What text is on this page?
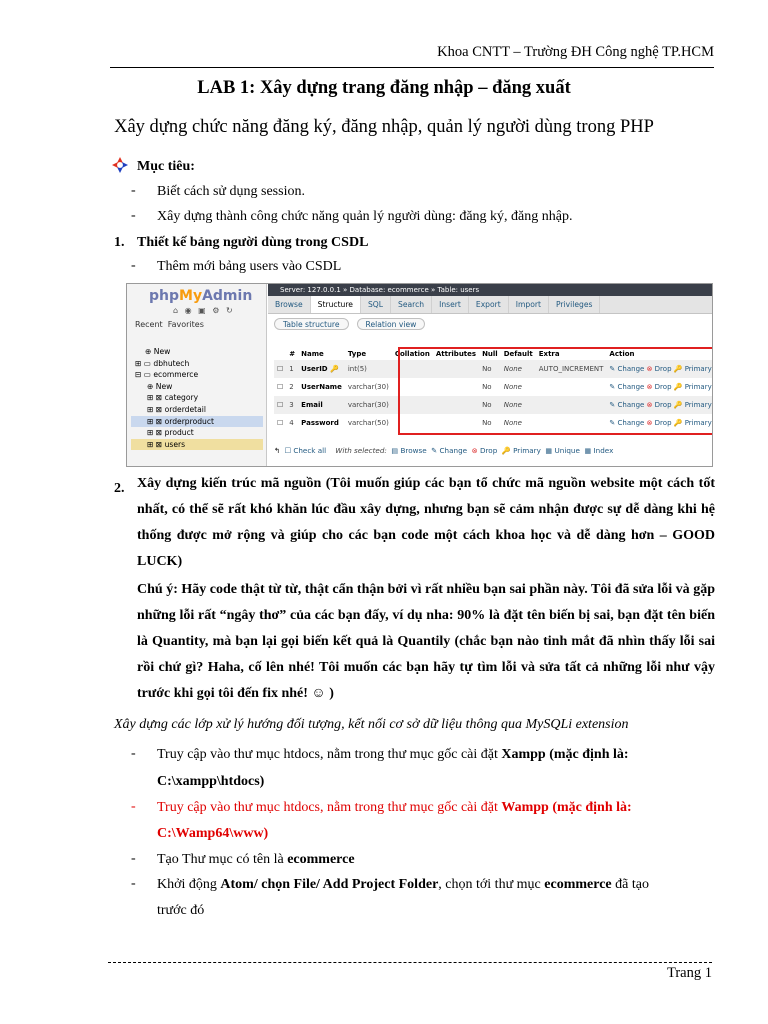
Khoa CNTT – Trường ĐH Công nghệ TP.HCM
LAB 1: Xây dựng trang đăng nhập – đăng xuất
Xây dựng chức năng đăng ký, đăng nhập, quản lý người dùng trong PHP
Mục tiêu:
- Biết cách sử dụng session.
- Xây dựng thành công chức năng quản lý người dùng: đăng ký, đăng nhập.
1. Thiết kế bảng người dùng trong CSDL
- Thêm mới bảng users vào CSDL
phpMyAdmin
⌂ ◉ ▣ ⚙ ↻
Recent Favorites
⊕ New
⊞ ▭ dbhutech
⊟ ▭ ecommerce
⊕ New
⊞ ⊠ category
⊞ ⊠ orderdetail
⊞ ⊠ orderproduct
⊞ ⊠ product
⊞ ⊠ users
Server: 127.0.0.1 » Database: ecommerce » Table: users
Browse	Structure	SQL	Search	Insert	Export	Import	Privileges
Table structure	Relation view
	#	Name	Type	Collation	Attributes	Null	Default	Extra	Action
☐	1	UserID 🔑	int(5)			No	None	AUTO_INCREMENT	✎ Change ⊗ Drop 🔑 Primary
☐	2	UserName	varchar(30)			No	None		✎ Change ⊗ Drop 🔑 Primary
☐	3	Email	varchar(30)			No	None		✎ Change ⊗ Drop 🔑 Primary
☐	4	Password	varchar(50)			No	None		✎ Change ⊗ Drop 🔑 Primary
↰  ☐ Check all With selected:  ▤ Browse  ✎ Change ⊗ Drop  🔑 Primary  ▦ Unique  ▦ Index
2. Xây dựng kiến trúc mã nguồn (Tôi muốn giúp các bạn tổ chức mã nguồn website một cách tốt nhất, có thể sẽ rất khó khăn lúc đầu xây dựng, nhưng bạn sẽ cảm nhận được sự dễ dàng khi hệ thống được mở rộng và giúp cho các bạn code một cách khoa học và dễ dàng hơn – GOOD LUCK)
Chú ý: Hãy code thật từ từ, thật cẩn thận bởi vì rất nhiều bạn sai phần này. Tôi đã sửa lỗi và gặp những lỗi rất “ngây thơ” của các bạn đấy, ví dụ nha: 90% là đặt tên biến bị sai, bạn đặt tên biến là Quantity, mà bạn lại gọi biến kết quả là Quantily (chắc bạn nào tinh mắt đã nhìn thấy lỗi sai rồi chứ gì? Haha, cố lên nhé! Tôi muốn các bạn hãy tự tìm lỗi và sửa tất cả những lỗi như vậy trước khi gọi tôi đến fix nhé! ☺ )
Xây dựng các lớp xử lý hướng đối tượng, kết nối cơ sở dữ liệu thông qua MySQLi extension
- Truy cập vào thư mục htdocs, nằm trong thư mục gốc cài đặt Xampp (mặc định là:
C:\xampp\htdocs)
- Truy cập vào thư mục htdocs, nằm trong thư mục gốc cài đặt Wampp (mặc định là:
C:\Wamp64\www)
- Tạo Thư mục có tên là ecommerce
- Khởi động Atom/ chọn File/ Add Project Folder, chọn tới thư mục ecommerce đã tạo
trước đó
Trang 1
